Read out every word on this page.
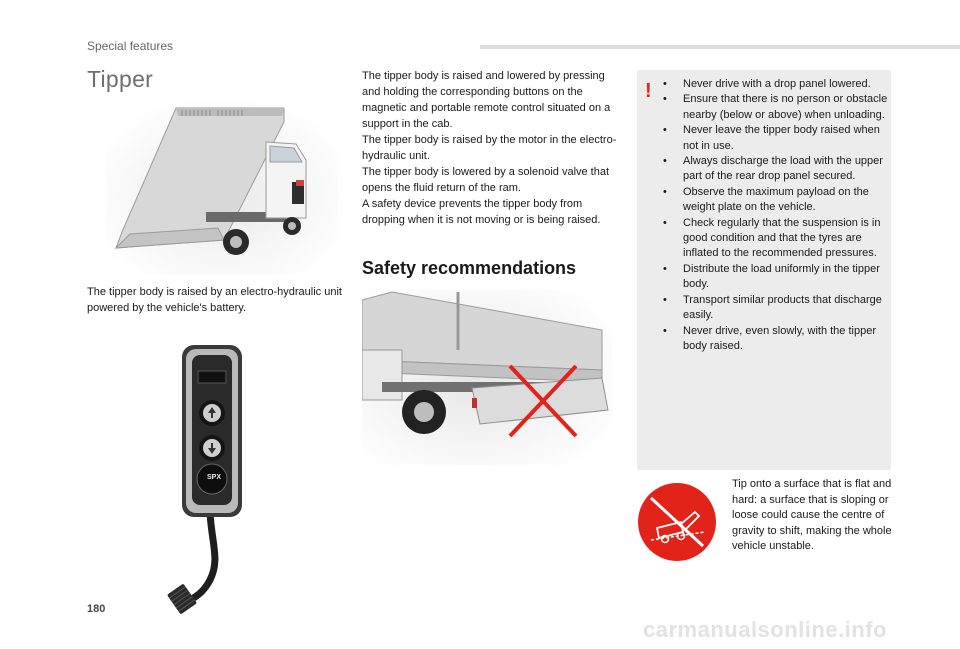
Special features
Tipper

The tipper body is raised by an electro-hydraulic unit powered by the vehicle's battery.

SPX

The tipper body is raised and lowered by pressing and holding the corresponding buttons on the magnetic and portable remote control situated on a support in the cab.

The tipper body is raised by the motor in the electro-hydraulic unit.

The tipper body is lowered by a solenoid valve that opens the fluid return of the ram.

A safety device prevents the tipper body from dropping when it is not moving or is being raised.

Safety recommendations
!
•	Never drive with a drop panel lowered.
• Ensure that there is no person or obstacle nearby (below or above) when unloading.
• Never leave the tipper body raised when not in use.
• Always discharge the load with the upper part of the rear drop panel secured.
• Observe the maximum payload on the weight plate on the vehicle.
• Check regularly that the suspension is in good condition and that the tyres are inflated to the recommended pressures.
• Distribute the load uniformly in the tipper body.
• Transport similar products that discharge easily.
• Never drive, even slowly, with the tipper body raised.

Tip onto a surface that is flat and hard: a surface that is sloping or loose could cause the centre of gravity to shift, making the whole vehicle unstable.

180
carmanualsonline.info
